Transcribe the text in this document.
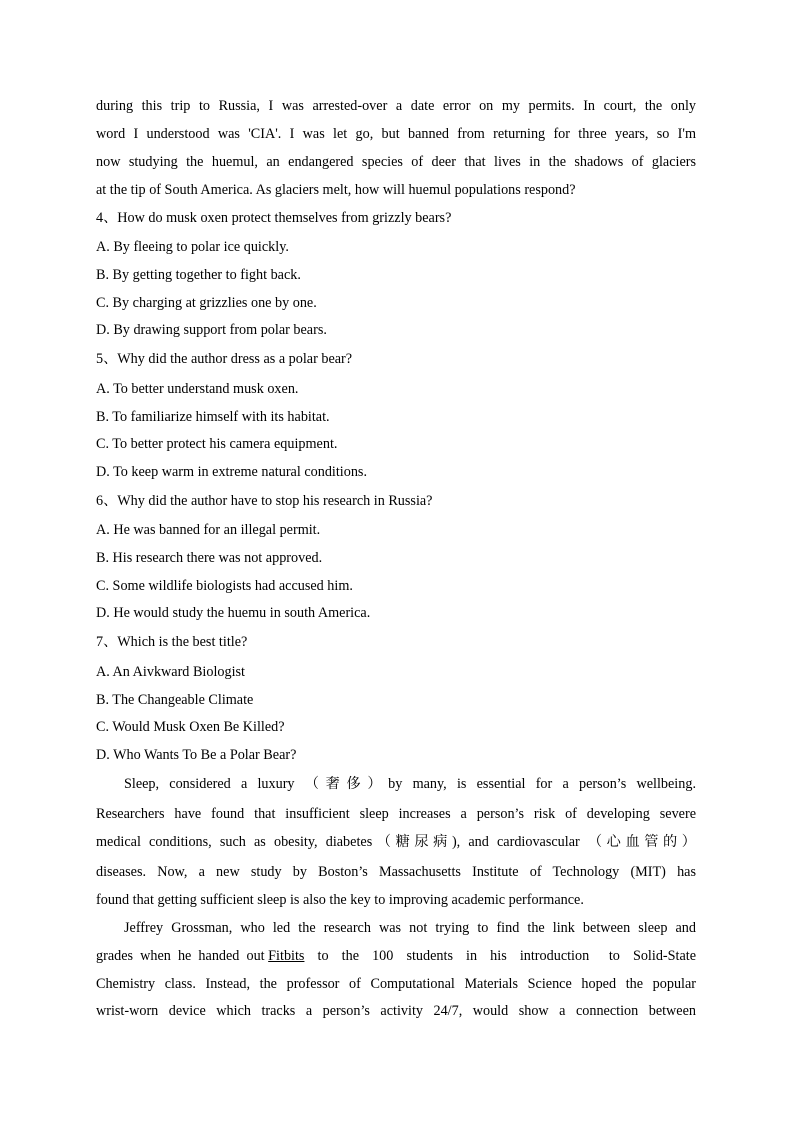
during this trip to Russia, I was arrested-over a date error on my permits. In court, the only
word I understood was 'CIA'. I was let go, but banned from returning for three years, so I'm
now studying the huemul, an endangered species of deer that lives in the shadows of glaciers
at the tip of South America. As glaciers melt, how will huemul populations respond?
4、How do musk oxen protect themselves from grizzly bears?
A. By fleeing to polar ice quickly.
B. By getting together to fight back.
C. By charging at grizzlies one by one.
D. By drawing support from polar bears.
5、Why did the author dress as a polar bear?
A. To better understand musk oxen.
B. To familiarize himself with its habitat.
C. To better protect his camera equipment.
D. To keep warm in extreme natural conditions.
6、Why did the author have to stop his research in Russia?
A. He was banned for an illegal permit.
B. His research there was not approved.
C. Some wildlife biologists had accused him.
D. He would study the huemu in south America.
7、Which is the best title?
A. An Aivkward Biologist
B. The Changeable Climate
C. Would Musk Oxen Be Killed?
D. Who Wants To Be a Polar Bear?
Sleep, considered a luxury （奢侈）by many, is essential for a person’s wellbeing.
Researchers have found that insufficient sleep increases a person’s risk of developing severe
medical conditions, such as obesity, diabetes（糖尿病), and cardiovascular （心血管的）
diseases. Now, a new study by Boston’s Massachusetts Institute of Technology (MIT) has
found that getting sufficient sleep is also the key to improving academic performance.
Jeffrey Grossman, who led the research was not trying to find the link between sleep and
grades  when  he  handed  out Fitbits to  the  100  students  in  his  introduction   to  Solid-State
Chemistry class. Instead, the professor of Computational Materials Science hoped the popular
wrist-worn device which tracks a person’s activity 24/7, would show a connection between
